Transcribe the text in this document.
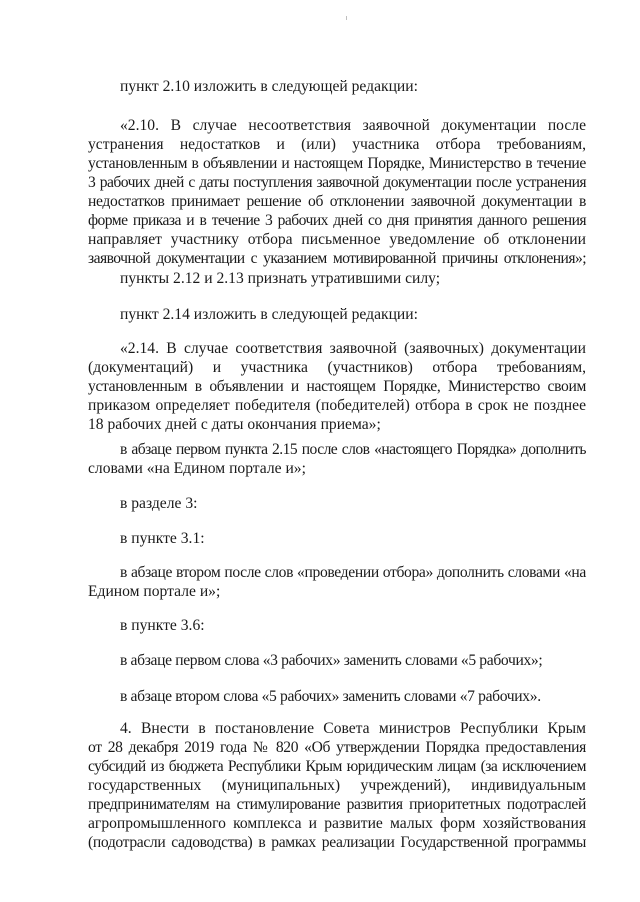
пункт 2.10 изложить в следующей редакции:

«2.10. В случае несоответствия заявочной документации после

устранения недостатков и (или) участника отбора требованиям,

установленным в объявлении и настоящем Порядке, Министерство в течение

3 рабочих дней с даты поступления заявочной документации после устранения

недостатков принимает решение об отклонении заявочной документации в

форме приказа и в течение 3 рабочих дней со дня принятия данного решения

направляет участнику отбора письменное уведомление об отклонении

заявочной документации с указанием мотивированной причины отклонения»;

пункты 2.12 и 2.13 признать утратившими силу;

пункт 2.14 изложить в следующей редакции:

«2.14. В случае соответствия заявочной (заявочных) документации

(документаций) и участника (участников) отбора требованиям,

установленным в объявлении и настоящем Порядке, Министерство своим

приказом определяет победителя (победителей) отбора в срок не позднее

18 рабочих дней с даты окончания приема»;

в абзаце первом пункта 2.15 после слов «настоящего Порядка» дополнить

словами «на Едином портале и»;

в разделе 3:

в пункте 3.1:

в абзаце втором после слов «проведении отбора» дополнить словами «на

Едином портале и»;

в пункте 3.6:

в абзаце первом слова «3 рабочих» заменить словами «5 рабочих»;

в абзаце втором слова «5 рабочих» заменить словами «7 рабочих».

4. Внести в постановление Совета министров Республики Крым

от 28 декабря 2019 года № 820 «Об утверждении Порядка предоставления

субсидий из бюджета Республики Крым юридическим лицам (за исключением

государственных (муниципальных) учреждений), индивидуальным

предпринимателям на стимулирование развития приоритетных подотраслей

агропромышленного комплекса и развитие малых форм хозяйствования

(подотрасли садоводства) в рамках реализации Государственной программы
